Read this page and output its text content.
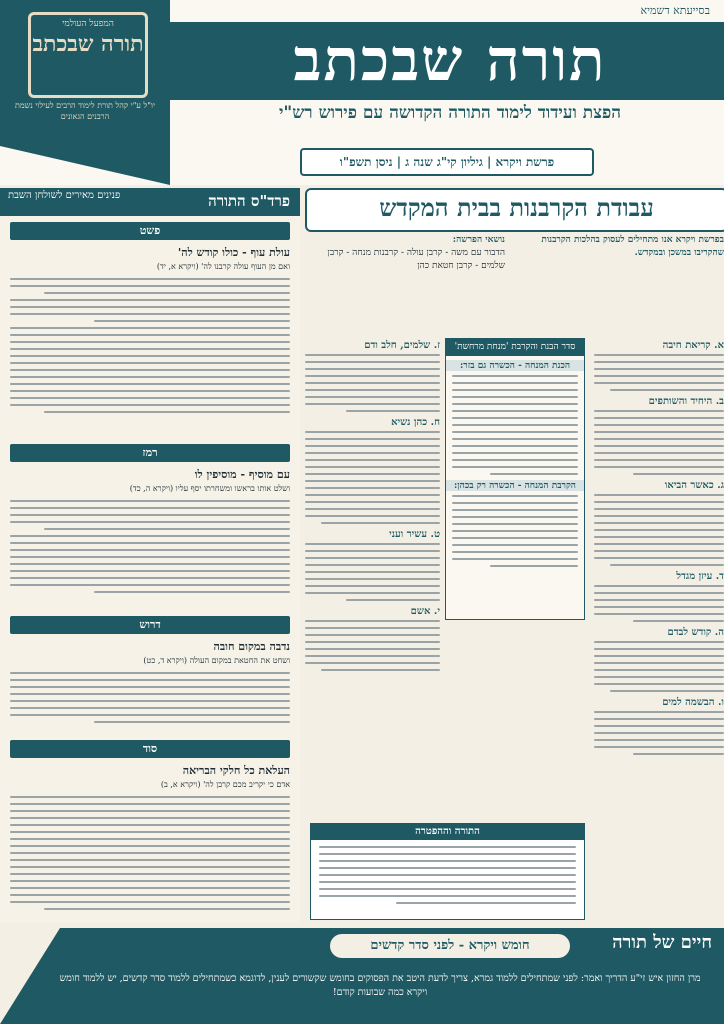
בסייעתא דשמיא
תורה שבכתב
הפצת ועידוד לימוד התורה הקדושה עם פירוש רש"י
פרשת ויקרא | גיליון קי"ג שנה ג | ניסן תשפ"ו
המפעל העולמי
תורה שבכתב
יו"ל ע"י קהל תורת לימוד הרבים לעילוי נשמת הרבנים הגאונים
פרד"ס התורה
פנינים מאירים לשולחן השבת
פשט
עולת עוף - כולו קודש לה'
ואם מן העוף עולה קרבנו לה' (ויקרא א, יד)
רמז
עם מוסיף - מוסיפין לו
ושלט אותו בראשו ומשחרתו יסף עליו (ויקרא ה, כד)
דרוש
נדבה במקום חובה
ושחט את החטאת במקום העולה (ויקרא ד, כט)
סוד
העלאת כל חלקי הבריאה
אדם כי יקריב מכם קרבן לה' (ויקרא א, ב)
עבודת הקרבנות בבית המקדש
בפרשת ויקרא אנו מתחילים לעסוק בהלכות הקרבנות שהקריבו במשכן ובמקדש.
נושאי הפרשה:
הדבור עם משה - קרבן עולה - קרבנות מנחה - קרבן שלמים - קרבן חטאת כהן
א. קריאת חיבה
ב. היחיד והשותפים
ג. כאשר הביאו
ד. עיזן מגדל
ה. קודש לבדם
ו. הבשמה למים
סדר הבנת והקרבת 'מנחת מרחשת'
הכנת המנחה - הכשרה גם בזר:
הקרבת המנחה - הכשרה רק בכהן:
ז. שלמים, חלב ודם
ח. כהן נשיא
ט. עשיר ועני
י. אשם
התורה וההפטרה
חיים של תורה
חומש ויקרא - לפני סדר קדשים
מרן החזון איש זי"ע הדריך ואמר: לפני שמתחילים ללמוד גמרא, צריך לדעת היטב את הפסוקים בחומש שקשורים לענין, לדוגמא כשמתחילים ללמוד סדר קדשים, יש ללמוד חומש ויקרא כמה שבועות קודם!
